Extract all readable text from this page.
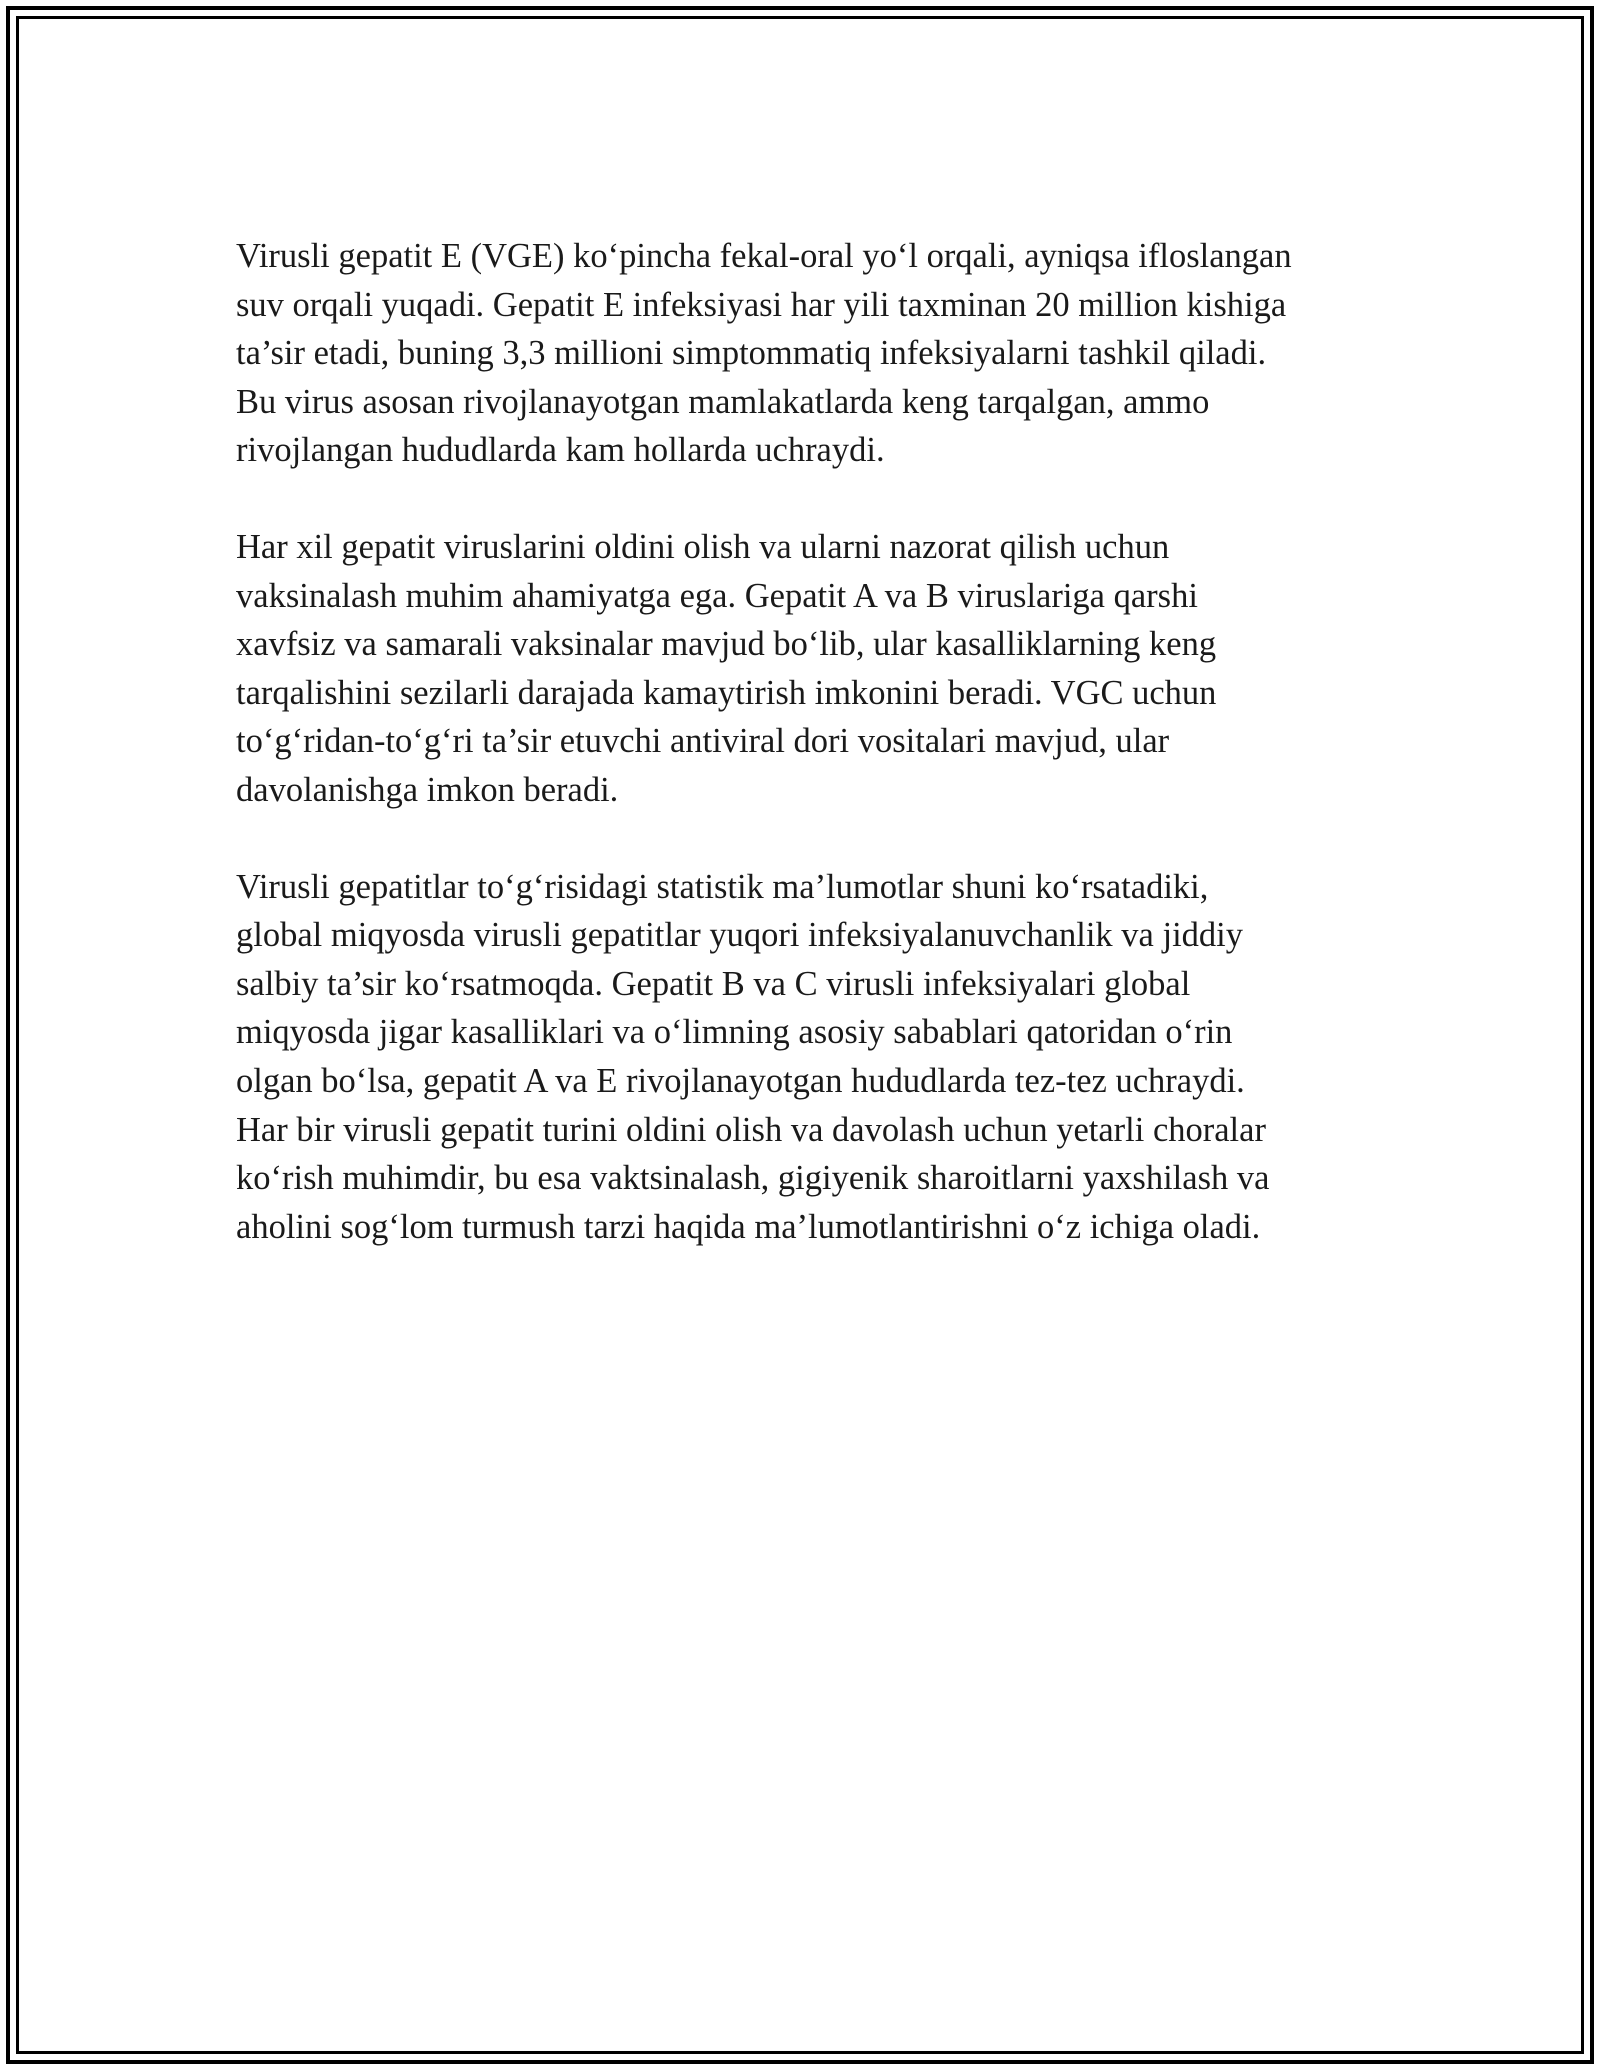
Virusli gepatit E (VGE) ko‘pincha fekal-oral yo‘l orqali, ayniqsa ifloslangan
suv orqali yuqadi. Gepatit E infeksiyasi har yili taxminan 20 million kishiga
ta’sir etadi, buning 3,3 millioni simptommatiq infeksiyalarni tashkil qiladi.
Bu virus asosan rivojlanayotgan mamlakatlarda keng tarqalgan, ammo
rivojlangan hududlarda kam hollarda uchraydi.

Har xil gepatit viruslarini oldini olish va ularni nazorat qilish uchun
vaksinalash muhim ahamiyatga ega. Gepatit A va B viruslariga qarshi
xavfsiz va samarali vaksinalar mavjud bo‘lib, ular kasalliklarning keng
tarqalishini sezilarli darajada kamaytirish imkonini beradi. VGC uchun
to‘g‘ridan-to‘g‘ri ta’sir etuvchi antiviral dori vositalari mavjud, ular
davolanishga imkon beradi.

Virusli gepatitlar to‘g‘risidagi statistik ma’lumotlar shuni ko‘rsatadiki,
global miqyosda virusli gepatitlar yuqori infeksiyalanuvchanlik va jiddiy
salbiy ta’sir ko‘rsatmoqda. Gepatit B va C virusli infeksiyalari global
miqyosda jigar kasalliklari va o‘limning asosiy sabablari qatoridan o‘rin
olgan bo‘lsa, gepatit A va E rivojlanayotgan hududlarda tez-tez uchraydi.
Har bir virusli gepatit turini oldini olish va davolash uchun yetarli choralar
ko‘rish muhimdir, bu esa vaktsinalash, gigiyenik sharoitlarni yaxshilash va
aholini sog‘lom turmush tarzi haqida ma’lumotlantirishni o‘z ichiga oladi.
